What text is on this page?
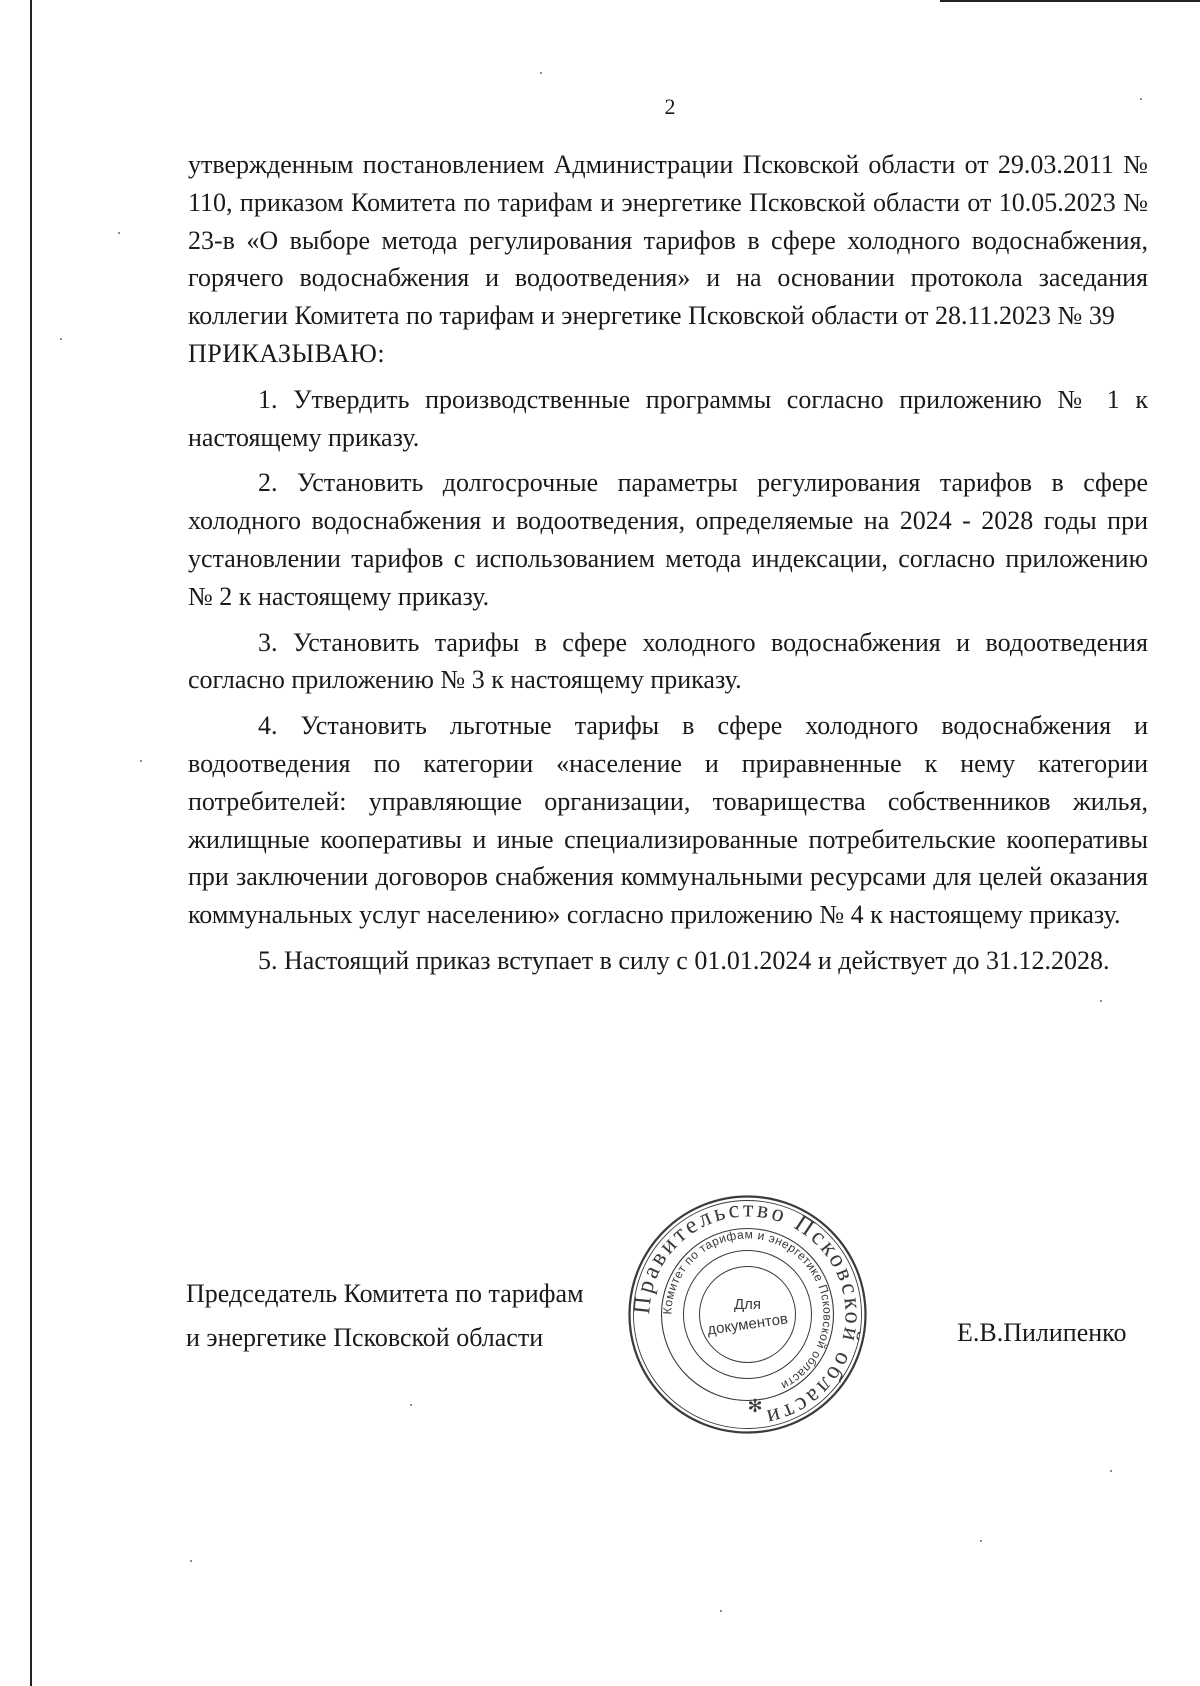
2

утвержденным постановлением Администрации Псковской области от 29.03.2011 № 110, приказом Комитета по тарифам и энергетике Псковской области от 10.05.2023 № 23-в «О выборе метода регулирования тарифов в сфере холодного водоснабжения, горячего водоснабжения и водоотведения» и на основании протокола заседания коллегии Комитета по тарифам и энергетике Псковской области от 28.11.2023 № 39

ПРИКАЗЫВАЮ:

1. Утвердить производственные программы согласно приложению № 1 к настоящему приказу.

2. Установить долгосрочные параметры регулирования тарифов в сфере холодного водоснабжения и водоотведения, определяемые на 2024 - 2028 годы при установлении тарифов с использованием метода индексации, согласно приложению № 2 к настоящему приказу.

3. Установить тарифы в сфере холодного водоснабжения и водоотведения согласно приложению № 3 к настоящему приказу.

4. Установить льготные тарифы в сфере холодного водоснабжения и водоотведения по категории «население и приравненные к нему категории потребителей: управляющие организации, товарищества собственников жилья, жилищные кооперативы и иные специализированные потребительские кооперативы при заключении договоров снабжения коммунальными ресурсами для целей оказания коммунальных услуг населению» согласно приложению № 4 к настоящему приказу.

5. Настоящий приказ вступает в силу с 01.01.2024 и действует до 31.12.2028.

Председатель Комитета по тарифам
и энергетике Псковской области
Правительство Псковской области
Комитет по тарифам и энергетике Псковской области
Для
документов
✻
Е.В.Пилипенко
